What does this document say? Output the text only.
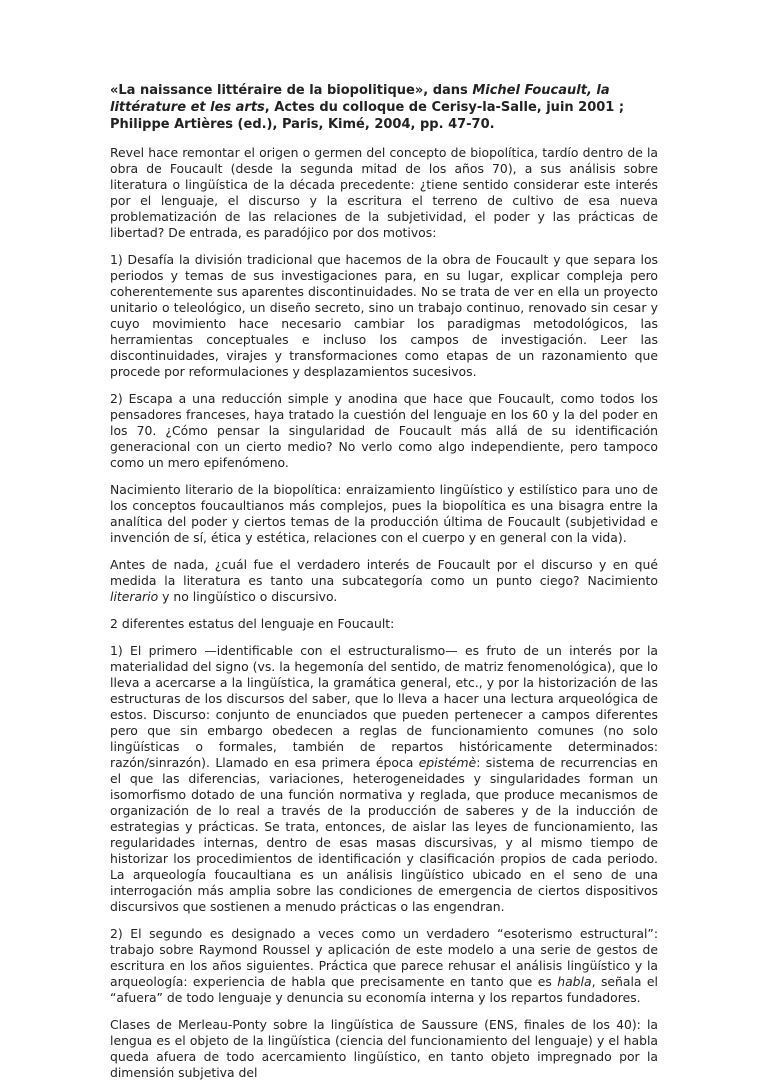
«La naissance littéraire de la biopolitique», dans Michel Foucault, la littérature et les arts, Actes du colloque de Cerisy-la-Salle, juin 2001 ; Philippe Artières (ed.), Paris, Kimé, 2004, pp. 47-70.

Revel hace remontar el origen o germen del concepto de biopolítica, tardío dentro de la obra de Foucault (desde la segunda mitad de los años 70), a sus análisis sobre literatura o lingüística de la década precedente: ¿tiene sentido considerar este interés por el lenguaje, el discurso y la escritura el terreno de cultivo de esa nueva problematización de las relaciones de la subjetividad, el poder y las prácticas de libertad? De entrada, es paradójico por dos motivos:

1) Desafía la división tradicional que hacemos de la obra de Foucault y que separa los periodos y temas de sus investigaciones para, en su lugar, explicar compleja pero coherentemente sus aparentes discontinuidades. No se trata de ver en ella un proyecto unitario o teleológico, un diseño secreto, sino un trabajo continuo, renovado sin cesar y cuyo movimiento hace necesario cambiar los paradigmas metodológicos, las herramientas conceptuales e incluso los campos de investigación. Leer las discontinuidades, virajes y transformaciones como etapas de un razonamiento que procede por reformulaciones y desplazamientos sucesivos.

2) Escapa a una reducción simple y anodina que hace que Foucault, como todos los pensadores franceses, haya tratado la cuestión del lenguaje en los 60 y la del poder en los 70. ¿Cómo pensar la singularidad de Foucault más allá de su identificación generacional con un cierto medio? No verlo como algo independiente, pero tampoco como un mero epifenómeno.

Nacimiento literario de la biopolítica: enraizamiento lingüístico y estilístico para uno de los conceptos foucaultianos más complejos, pues la biopolítica es una bisagra entre la analítica del poder y ciertos temas de la producción última de Foucault (subjetividad e invención de sí, ética y estética, relaciones con el cuerpo y en general con la vida).

Antes de nada, ¿cuál fue el verdadero interés de Foucault por el discurso y en qué medida la literatura es tanto una subcategoría como un punto ciego? Nacimiento literario y no lingüístico o discursivo.

2 diferentes estatus del lenguaje en Foucault:

1) El primero —identificable con el estructuralismo— es fruto de un interés por la materialidad del signo (vs. la hegemonía del sentido, de matriz fenomenológica), que lo lleva a acercarse a la lingüística, la gramática general, etc., y por la historización de las estructuras de los discursos del saber, que lo lleva a hacer una lectura arqueológica de estos. Discurso: conjunto de enunciados que pueden pertenecer a campos diferentes pero que sin embargo obedecen a reglas de funcionamiento comunes (no solo lingüísticas o formales, también de repartos históricamente determinados: razón/sinrazón). Llamado en esa primera época epistémè: sistema de recurrencias en el que las diferencias, variaciones, heterogeneidades y singularidades forman un isomorfismo dotado de una función normativa y reglada, que produce mecanismos de organización de lo real a través de la producción de saberes y de la inducción de estrategias y prácticas. Se trata, entonces, de aislar las leyes de funcionamiento, las regularidades internas, dentro de esas masas discursivas, y al mismo tiempo de historizar los procedimientos de identificación y clasificación propios de cada periodo. La arqueología foucaultiana es un análisis lingüístico ubicado en el seno de una interrogación más amplia sobre las condiciones de emergencia de ciertos dispositivos discursivos que sostienen a menudo prácticas o las engendran.

2) El segundo es designado a veces como un verdadero “esoterismo estructural”: trabajo sobre Raymond Roussel y aplicación de este modelo a una serie de gestos de escritura en los años siguientes. Práctica que parece rehusar el análisis lingüístico y la arqueología: experiencia de habla que precisamente en tanto que es habla, señala el “afuera” de todo lenguaje y denuncia su economía interna y los repartos fundadores.

Clases de Merleau-Ponty sobre la lingüística de Saussure (ENS, finales de los 40): la lengua es el objeto de la lingüística (ciencia del funcionamiento del lenguaje) y el habla queda afuera de todo acercamiento lingüístico, en tanto objeto impregnado por la dimensión subjetiva del
